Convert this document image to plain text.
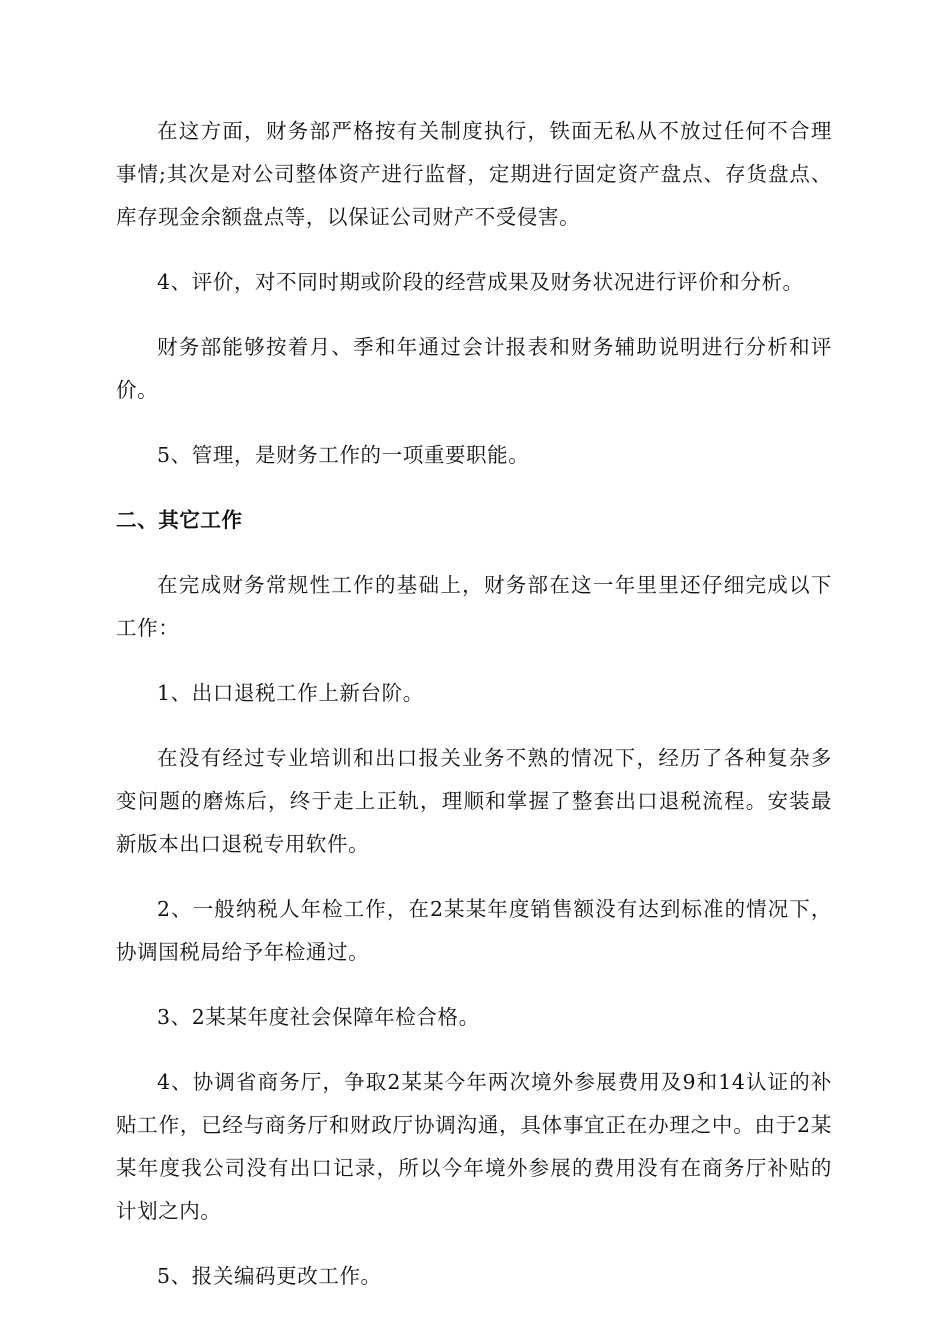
在这方面，财务部严格按有关制度执行，铁面无私从不放过任何不合理事情;其次是对公司整体资产进行监督，定期进行固定资产盘点、存货盘点、库存现金余额盘点等，以保证公司财产不受侵害。

4、评价，对不同时期或阶段的经营成果及财务状况进行评价和分析。

财务部能够按着月、季和年通过会计报表和财务辅助说明进行分析和评价。

5、管理，是财务工作的一项重要职能。

二、其它工作

在完成财务常规性工作的基础上，财务部在这一年里里还仔细完成以下工作：

1、出口退税工作上新台阶。

在没有经过专业培训和出口报关业务不熟的情况下，经历了各种复杂多变问题的磨炼后，终于走上正轨，理顺和掌握了整套出口退税流程。安装最新版本出口退税专用软件。

2、一般纳税人年检工作，在2某某年度销售额没有达到标准的情况下，协调国税局给予年检通过。

3、2某某年度社会保障年检合格。

4、协调省商务厅，争取2某某今年两次境外参展费用及9和14认证的补贴工作，已经与商务厅和财政厅协调沟通，具体事宜正在办理之中。由于2某某年度我公司没有出口记录，所以今年境外参展的费用没有在商务厅补贴的计划之内。

5、报关编码更改工作。
